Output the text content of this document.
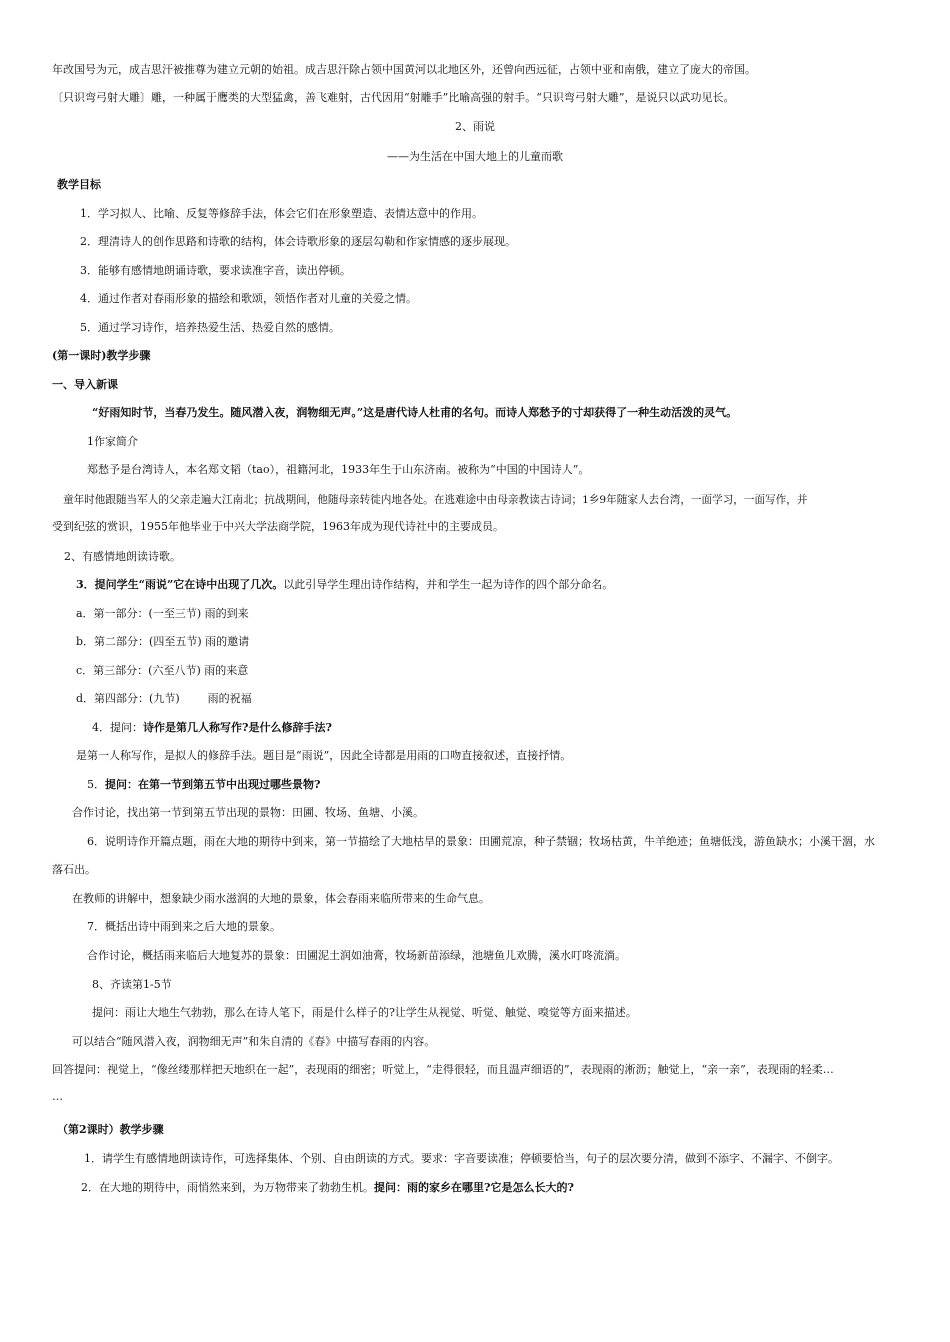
年改国号为元，成吉思汗被推尊为建立元朝的始祖。成吉思汗除占领中国黄河以北地区外，还曾向西远征，占领中亚和南俄，建立了庞大的帝国。
〔只识弯弓射大雕〕雕，一种属于鹰类的大型猛禽，善飞难射，古代因用“射雕手”比喻高强的射手。“只识弯弓射大雕”，是说只以武功见长。
2、雨说
——为生活在中国大地上的儿童而歌
教学目标
1．学习拟人、比喻、反复等修辞手法，体会它们在形象塑造、表情达意中的作用。
2．理清诗人的创作思路和诗歌的结构，体会诗歌形象的逐层勾勒和作家情感的逐步展现。
3．能够有感情地朗诵诗歌，要求读准字音，读出停顿。
4．通过作者对春雨形象的描绘和歌颂，领悟作者对儿童的关爱之情。
5．通过学习诗作，培养热爱生活、热爱自然的感情。
(第一课时)教学步骤
一、导入新课
“好雨知时节，当春乃发生。随风潜入夜，润物细无声。”这是唐代诗人杜甫的名句。而诗人郑愁予的寸却获得了一种生动活泼的灵气。
1作家简介
郑愁予是台湾诗人，本名郑文韬（tao），祖籍河北，1933年生于山东济南。被称为“中国的中国诗人”。
童年时他跟随当军人的父亲走遍大江南北；抗战期间，他随母亲转徙内地各处。在逃难途中由母亲教读古诗词；1乡9年随家人去台湾，一面学习，一面写作，并
受到纪弦的赏识，1955年他毕业于中兴大学法商学院，1963年成为现代诗社中的主要成员。
2、有感情地朗读诗歌。
3．提问学生“雨说”它在诗中出现了几次。以此引导学生理出诗作结构，并和学生一起为诗作的四个部分命名。
a．第一部分：(一至三节) 雨的到来
b．第二部分：(四至五节) 雨的邀请
c．第三部分：(六至八节) 雨的来意
d．第四部分：(九节)        雨的祝福
4．提问：诗作是第几人称写作?是什么修辞手法?
是第一人称写作，是拟人的修辞手法。题目是“雨说”，因此全诗都是用雨的口吻直接叙述，直接抒情。
5．提问：在第一节到第五节中出现过哪些景物?
合作讨论，找出第一节到第五节出现的景物：田圃、牧场、鱼塘、小溪。
6．说明诗作开篇点题，雨在大地的期待中到来，第一节描绘了大地枯旱的景象：田圃荒凉，种子禁锢；牧场枯黄，牛羊绝迹；鱼塘低浅，游鱼缺水；小溪干涸，水
落石出。
在教师的讲解中，想象缺少雨水滋润的大地的景象，体会春雨来临所带来的生命气息。
7．概括出诗中雨到来之后大地的景象。
合作讨论，概括雨来临后大地复苏的景象：田圃泥土润如油膏，牧场新苗添绿，池塘鱼儿欢腾，溪水叮咚流淌。
8、齐读第1-5节
提问：雨让大地生气勃勃，那么在诗人笔下，雨是什么样子的?让学生从视觉、听觉、触觉、嗅觉等方面来描述。
可以结合“随风潜入夜，润物细无声”和朱自清的《春》中描写春雨的内容。
回答提问：视觉上，“像丝缕那样把天地织在一起”，表现雨的细密；听觉上，“走得很轻，而且温声细语的”，表现雨的淅沥；触觉上，“亲一亲”，表现雨的轻柔…
…
（第2课时）教学步骤
1．请学生有感情地朗读诗作，可选择集体、个别、自由朗读的方式。要求：字音要读准；停顿要恰当，句子的层次要分清，做到不添字、不漏字、不倒字。
2．在大地的期待中，雨悄然来到，为万物带来了勃勃生机。提问：雨的家乡在哪里?它是怎么长大的?
